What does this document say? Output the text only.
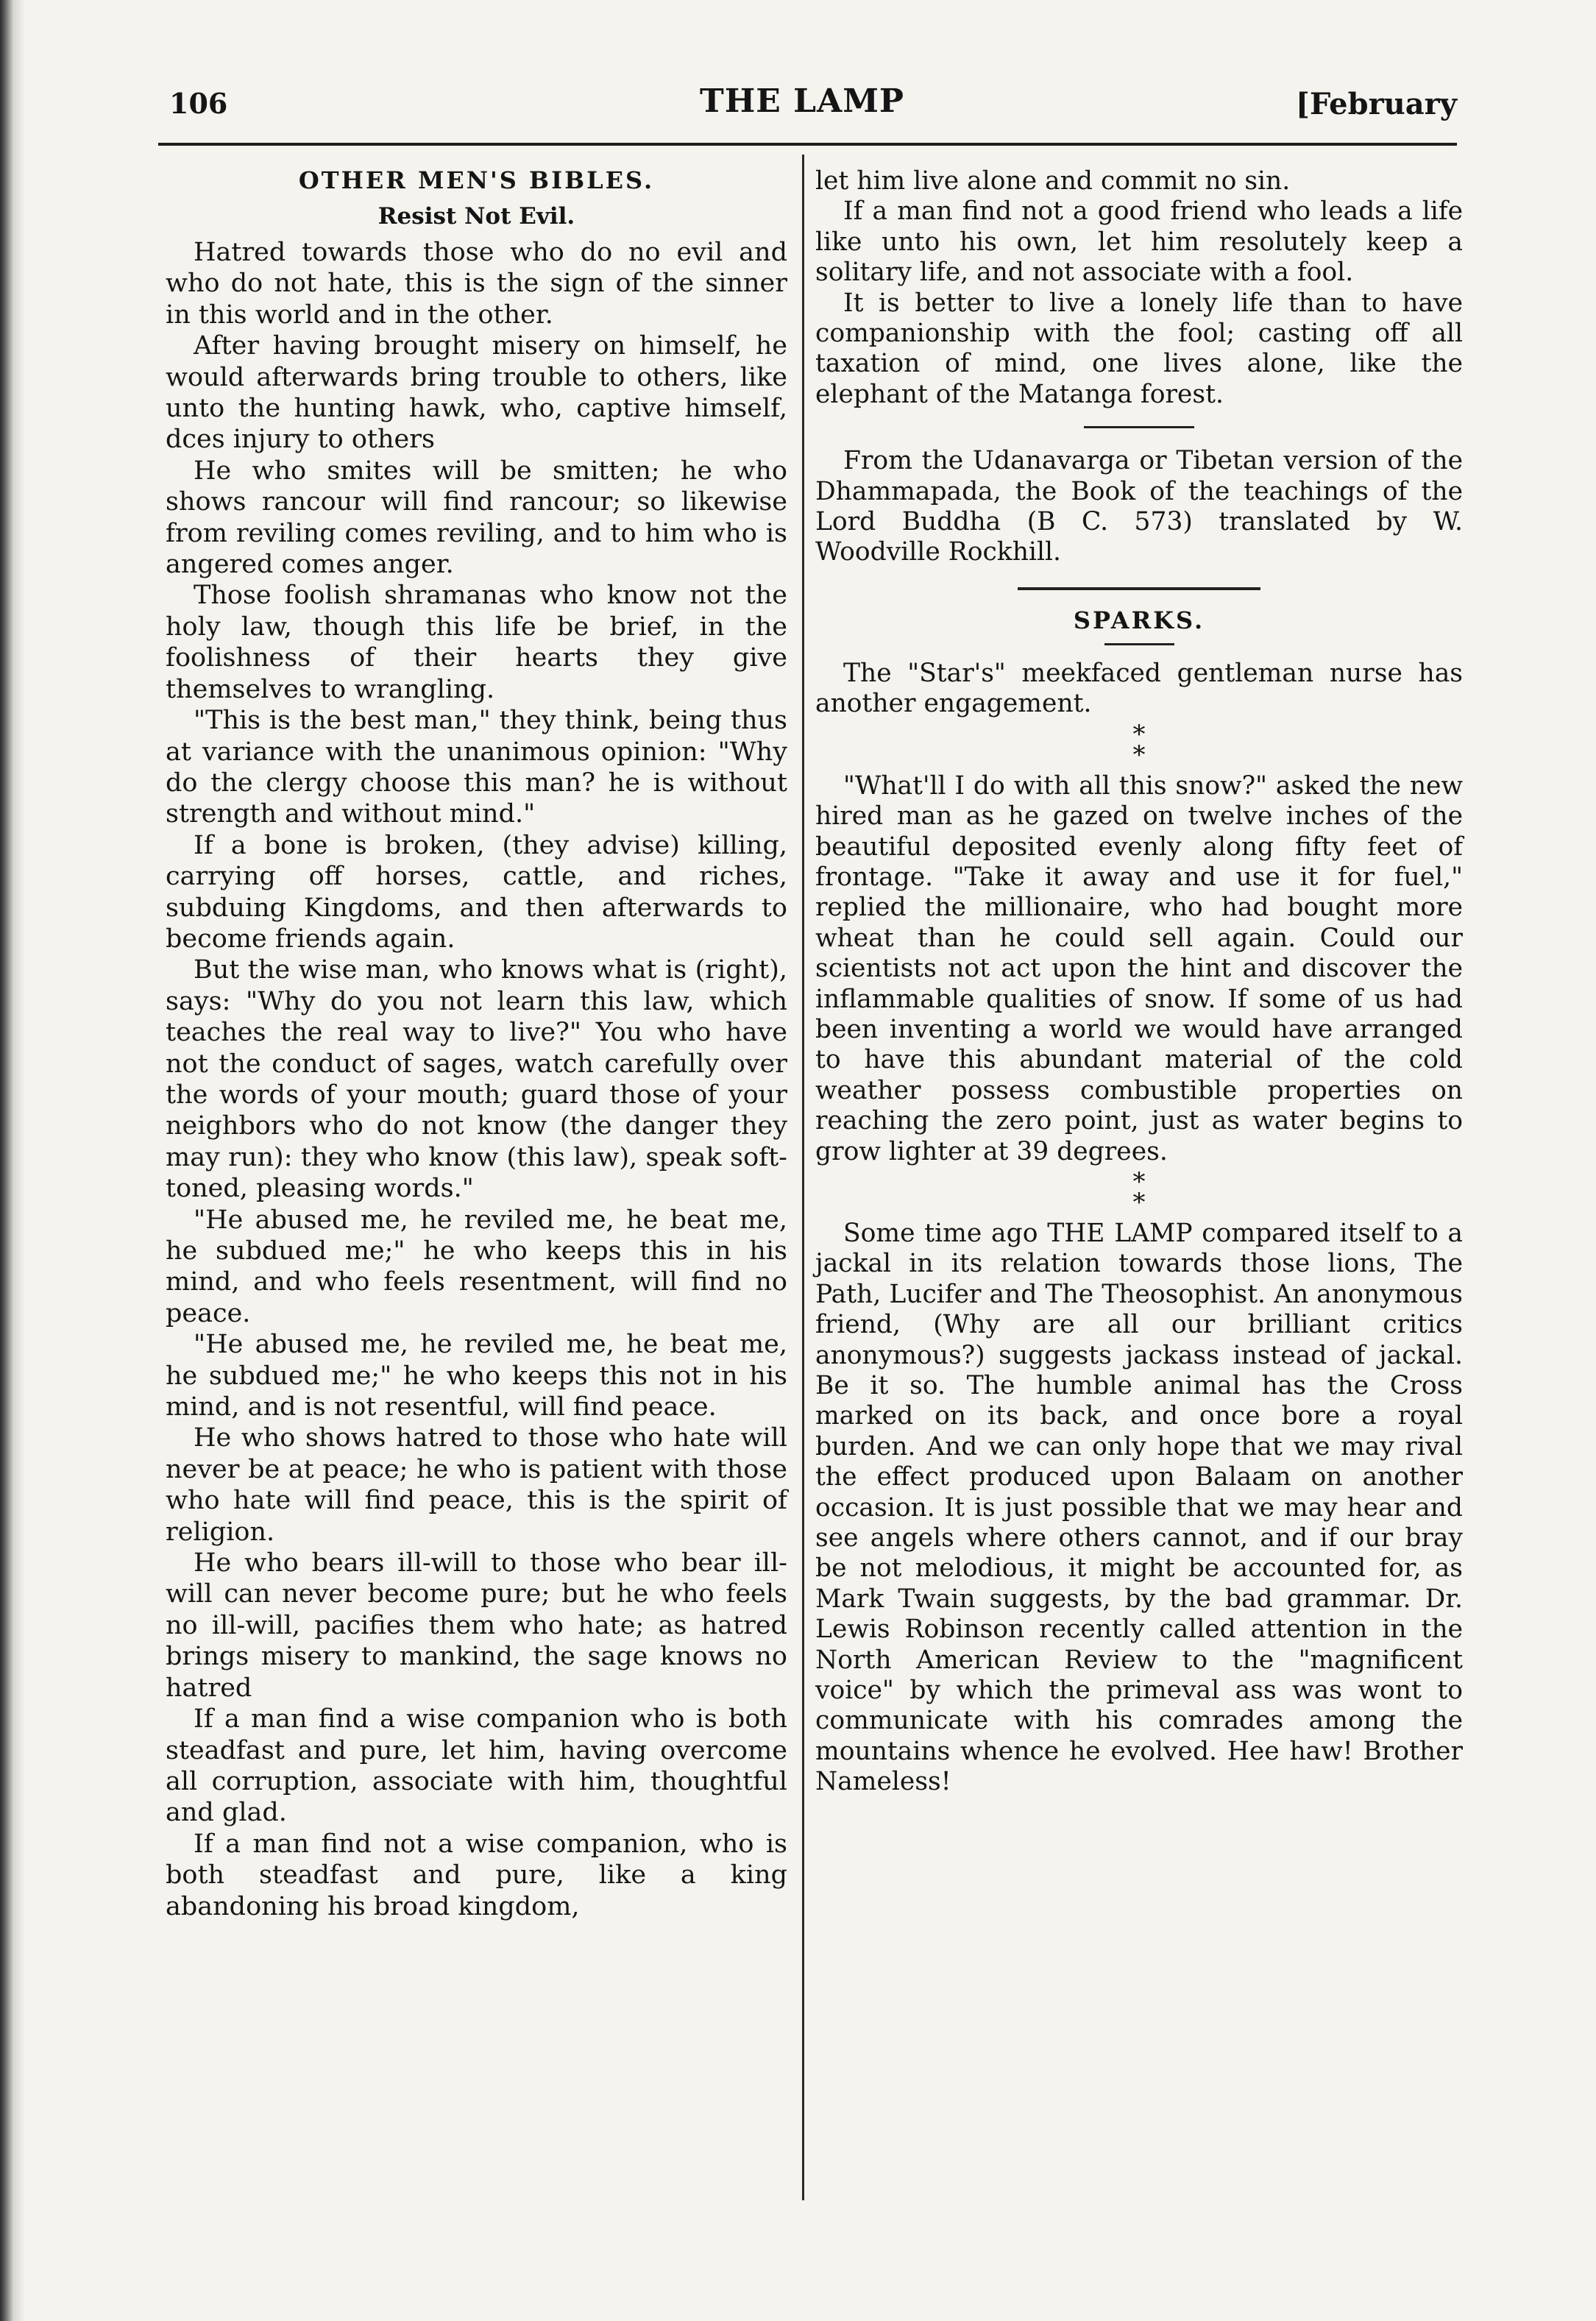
106	THE LAMP	[February
OTHER MEN'S BIBLES.
Resist Not Evil.

Hatred towards those who do no evil and who do not hate, this is the sign of the sinner in this world and in the other.

After having brought misery on himself, he would afterwards bring trouble to others, like unto the hunting hawk, who, captive himself, dces injury to others

He who smites will be smitten; he who shows rancour will find rancour; so likewise from reviling comes reviling, and to him who is angered comes anger.

Those foolish shramanas who know not the holy law, though this life be brief, in the foolishness of their hearts they give themselves to wrangling.

"This is the best man," they think, being thus at variance with the unanimous opinion: "Why do the clergy choose this man? he is without strength and without mind."

If a bone is broken, (they advise) killing, carrying off horses, cattle, and riches, subduing Kingdoms, and then afterwards to become friends again.

But the wise man, who knows what is (right), says: "Why do you not learn this law, which teaches the real way to live?" You who have not the conduct of sages, watch carefully over the words of your mouth; guard those of your neighbors who do not know (the danger they may run): they who know (this law), speak soft-toned, pleasing words."

"He abused me, he reviled me, he beat me, he subdued me;" he who keeps this in his mind, and who feels resentment, will find no peace.

"He abused me, he reviled me, he beat me, he subdued me;" he who keeps this not in his mind, and is not resentful, will find peace.

He who shows hatred to those who hate will never be at peace; he who is patient with those who hate will find peace, this is the spirit of religion.

He who bears ill-will to those who bear ill-will can never become pure; but he who feels no ill-will, pacifies them who hate; as hatred brings misery to mankind, the sage knows no hatred

If a man find a wise companion who is both steadfast and pure, let him, having overcome all corruption, associate with him, thoughtful and glad.

If a man find not a wise companion, who is both steadfast and pure, like a king abandoning his broad kingdom,

let him live alone and commit no sin.

If a man find not a good friend who leads a life like unto his own, let him resolutely keep a solitary life, and not associate with a fool.

It is better to live a lonely life than to have companionship with the fool; casting off all taxation of mind, one lives alone, like the elephant of the Matanga forest.

From the Udanavarga or Tibetan version of the Dhammapada, the Book of the teachings of the Lord Buddha (B C. 573) translated by W. Woodville Rockhill.

SPARKS.

The "Star's" meekfaced gentleman nurse has another engagement.

*
*

"What'll I do with all this snow?" asked the new hired man as he gazed on twelve inches of the beautiful deposited evenly along fifty feet of frontage. "Take it away and use it for fuel," replied the millionaire, who had bought more wheat than he could sell again. Could our scientists not act upon the hint and discover the inflammable qualities of snow. If some of us had been inventing a world we would have arranged to have this abundant material of the cold weather possess combustible properties on reaching the zero point, just as water begins to grow lighter at 39 degrees.

*
*

Some time ago THE LAMP compared itself to a jackal in its relation towards those lions, The Path, Lucifer and The Theosophist. An anonymous friend, (Why are all our brilliant critics anonymous?) suggests jackass instead of jackal. Be it so. The humble animal has the Cross marked on its back, and once bore a royal burden. And we can only hope that we may rival the effect produced upon Balaam on another occasion. It is just possible that we may hear and see angels where others cannot, and if our bray be not melodious, it might be accounted for, as Mark Twain suggests, by the bad grammar. Dr. Lewis Robinson recently called attention in the North American Review to the "magnificent voice" by which the primeval ass was wont to communicate with his comrades among the mountains whence he evolved. Hee haw! Brother Nameless!
